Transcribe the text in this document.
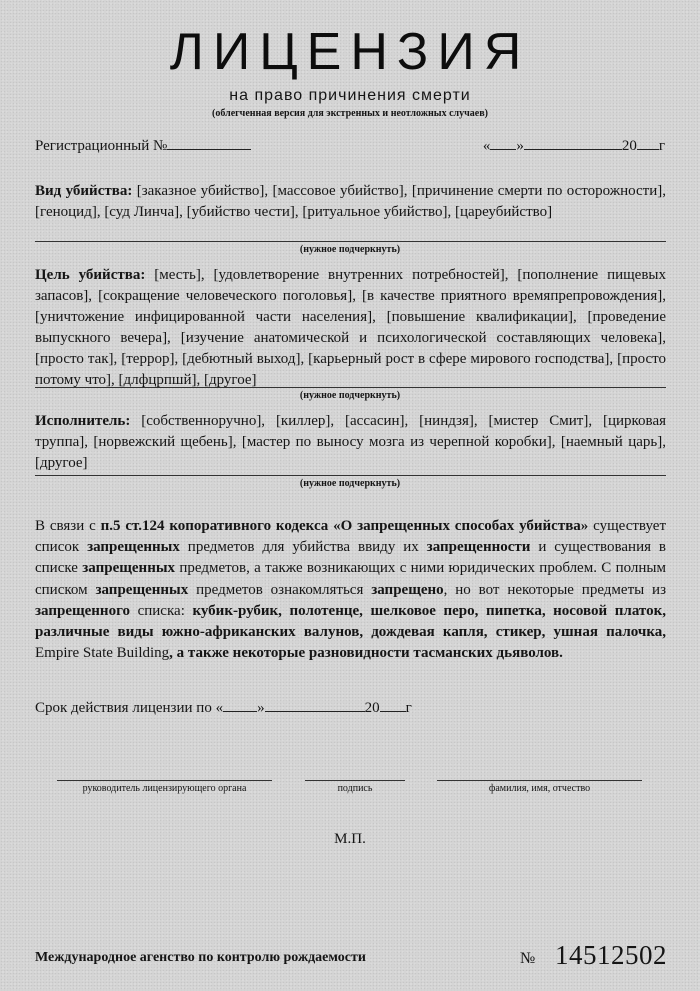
ЛИЦЕНЗИЯ
на право причинения смерти
(облегченная версия для экстренных и неотложных случаев)
Регистрационный №	« »	20 г
Вид убийства: [заказное убийство], [массовое убийство], [причинение смерти по осторожности], [геноцид], [суд Линча], [убийство чести], [ритуальное убийство], [цареубийство]
(нужное подчеркнуть)
Цель убийства: [месть], [удовлетворение внутренних потребностей], [пополнение пищевых запасов], [сокращение человеческого поголовья], [в качестве приятного времяпрепровождения], [уничтожение инфицированной части населения], [повышение квалификации], [проведение выпускного вечера], [изучение анатомической и психологической составляющих человека], [просто так], [террор], [дебютный выход], [карьерный рост в сфере мирового господства], [просто потому что], [длфцрпшй], [другое]
(нужное подчеркнуть)
Исполнитель: [собственноручно], [киллер], [ассасин], [ниндзя], [мистер Смит], [цирковая труппа], [норвежский щебень], [мастер по выносу мозга из черепной коробки], [наемный царь], [другое]
(нужное подчеркнуть)
В связи с п.5 ст.124 копоративного кодекса «О запрещенных способах убийства» существует список запрещенных предметов для убийства ввиду их запрещенности и существования в списке запрещенных предметов, а также возникающих с ними юридических проблем. С полным списком запрещенных предметов ознакомляться запрещено, но вот некоторые предметы из запрещенного списка: кубик-рубик, полотенце, шелковое перо, пипетка, носовой платок, различные виды южно-африканских валунов, дождевая капля, стикер, ушная палочка, Empire State Building, а также некоторые разновидности тасманских дьяволов.
Срок действия лицензии по « »	20 г
руководитель лицензирующего органа	подпись	фамилия, имя, отчество
М.П.
Международное агенство по контролю рождаемости	№ 14512502
